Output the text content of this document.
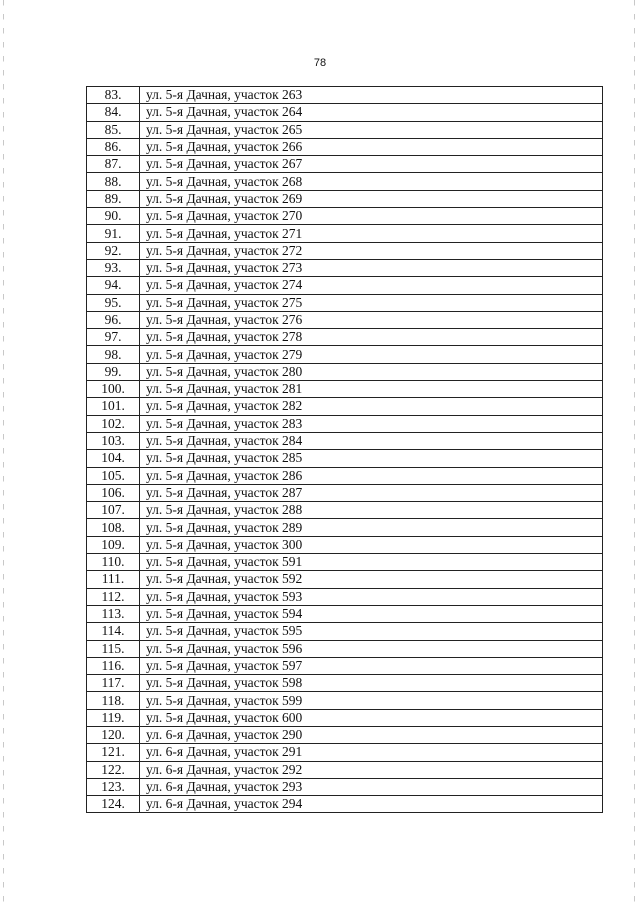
78
83.	ул. 5-я Дачная, участок 263
84.	ул. 5-я Дачная, участок 264
85.	ул. 5-я Дачная, участок 265
86.	ул. 5-я Дачная, участок 266
87.	ул. 5-я Дачная, участок 267
88.	ул. 5-я Дачная, участок 268
89.	ул. 5-я Дачная, участок 269
90.	ул. 5-я Дачная, участок 270
91.	ул. 5-я Дачная, участок 271
92.	ул. 5-я Дачная, участок 272
93.	ул. 5-я Дачная, участок 273
94.	ул. 5-я Дачная, участок 274
95.	ул. 5-я Дачная, участок 275
96.	ул. 5-я Дачная, участок 276
97.	ул. 5-я Дачная, участок 278
98.	ул. 5-я Дачная, участок 279
99.	ул. 5-я Дачная, участок 280
100.	ул. 5-я Дачная, участок 281
101.	ул. 5-я Дачная, участок 282
102.	ул. 5-я Дачная, участок 283
103.	ул. 5-я Дачная, участок 284
104.	ул. 5-я Дачная, участок 285
105.	ул. 5-я Дачная, участок 286
106.	ул. 5-я Дачная, участок 287
107.	ул. 5-я Дачная, участок 288
108.	ул. 5-я Дачная, участок 289
109.	ул. 5-я Дачная, участок 300
110.	ул. 5-я Дачная, участок 591
111.	ул. 5-я Дачная, участок 592
112.	ул. 5-я Дачная, участок 593
113.	ул. 5-я Дачная, участок 594
114.	ул. 5-я Дачная, участок 595
115.	ул. 5-я Дачная, участок 596
116.	ул. 5-я Дачная, участок 597
117.	ул. 5-я Дачная, участок 598
118.	ул. 5-я Дачная, участок 599
119.	ул. 5-я Дачная, участок 600
120.	ул. 6-я Дачная, участок 290
121.	ул. 6-я Дачная, участок 291
122.	ул. 6-я Дачная, участок 292
123.	ул. 6-я Дачная, участок 293
124.	ул. 6-я Дачная, участок 294
